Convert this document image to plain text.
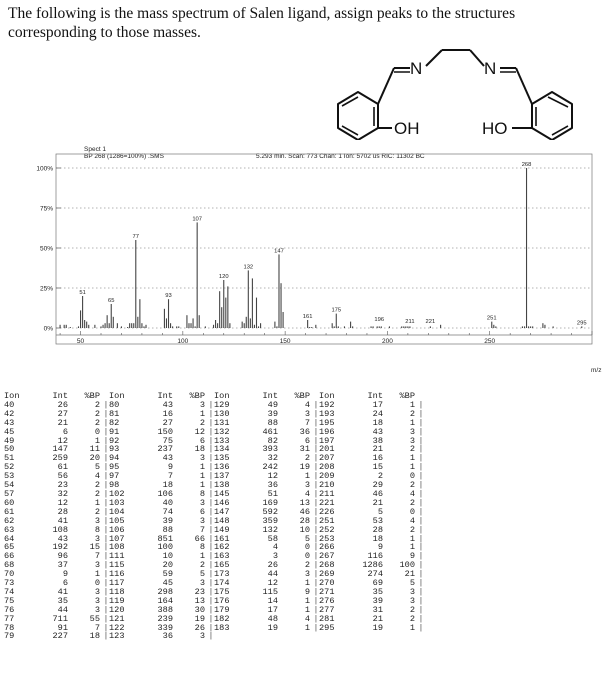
The following is the mass spectrum of Salen ligand, assign peaks to the structures corresponding to those masses.
N	N
OH	HO
Spect 1
BP 268 (1286=100%) .SMS	5.293 min. Scan: 773 Chan: 1 Ion: 5702 us RIC: 11302 BC
100%
75%
50%
25%
0%
50	100	150	200	250
51
65
77
93
107
120
132
147
161
175
196	211 221
251
268
295
m/z
Ion	Int	%BP	Ion	Int	%BP	Ion	Int	%BP	Ion	Int	%BP
40	26	2 | 80	43	3 | 129	49	4 | 192	17	1 |
42	27	2 | 81	16	1 | 130	39	3 | 193	24	2 |
43	21	2 | 82	27	2 | 131	88	7 | 195	18	1 |
45	6	0 | 91	150	12 | 132	461	36 | 196	43	3 |
49	12	1 | 92	75	6 | 133	82	6 | 197	38	3 |
50	147	11 | 93	237	18 | 134	393	31 | 201	21	2 |
51	259	20 | 94	43	3 | 135	32	2 | 207	16	1 |
52	61	5 | 95	9	1 | 136	242	19 | 208	15	1 |
53	56	4 | 97	7	1 | 137	12	1 | 209	2	0 |
54	23	2 | 98	18	1 | 138	36	3 | 210	29	2 |
57	32	2 | 102	106	8 | 145	51	4 | 211	46	4 |
60	12	1 | 103	40	3 | 146	169	13 | 221	21	2 |
61	28	2 | 104	74	6 | 147	592	46 | 226	5	0 |
62	41	3 | 105	39	3 | 148	359	28 | 251	53	4 |
63	108	8 | 106	88	7 | 149	132	10 | 252	28	2 |
64	43	3 | 107	851	66 | 161	58	5 | 253	18	1 |
65	192	15 | 108	100	8 | 162	4	0 | 266	9	1 |
66	96	7 | 111	10	1 | 163	3	0 | 267	116	9 |
68	37	3 | 115	20	2 | 165	26	2 | 268	1286	100 |
70	9	1 | 116	59	5 | 173	44	3 | 269	274	21 |
73	6	0 | 117	45	3 | 174	12	1 | 270	69	5 |
74	41	3 | 118	298	23 | 175	115	9 | 271	35	3 |
75	35	3 | 119	164	13 | 176	14	1 | 276	39	3 |
76	44	3 | 120	388	30 | 179	17	1 | 277	31	2 |
77	711	55 | 121	239	19 | 182	48	4 | 281	21	2 |
78	91	7 | 122	339	26 | 183	19	1 | 295	19	1 |
79	227	18 | 123	36	3 |
